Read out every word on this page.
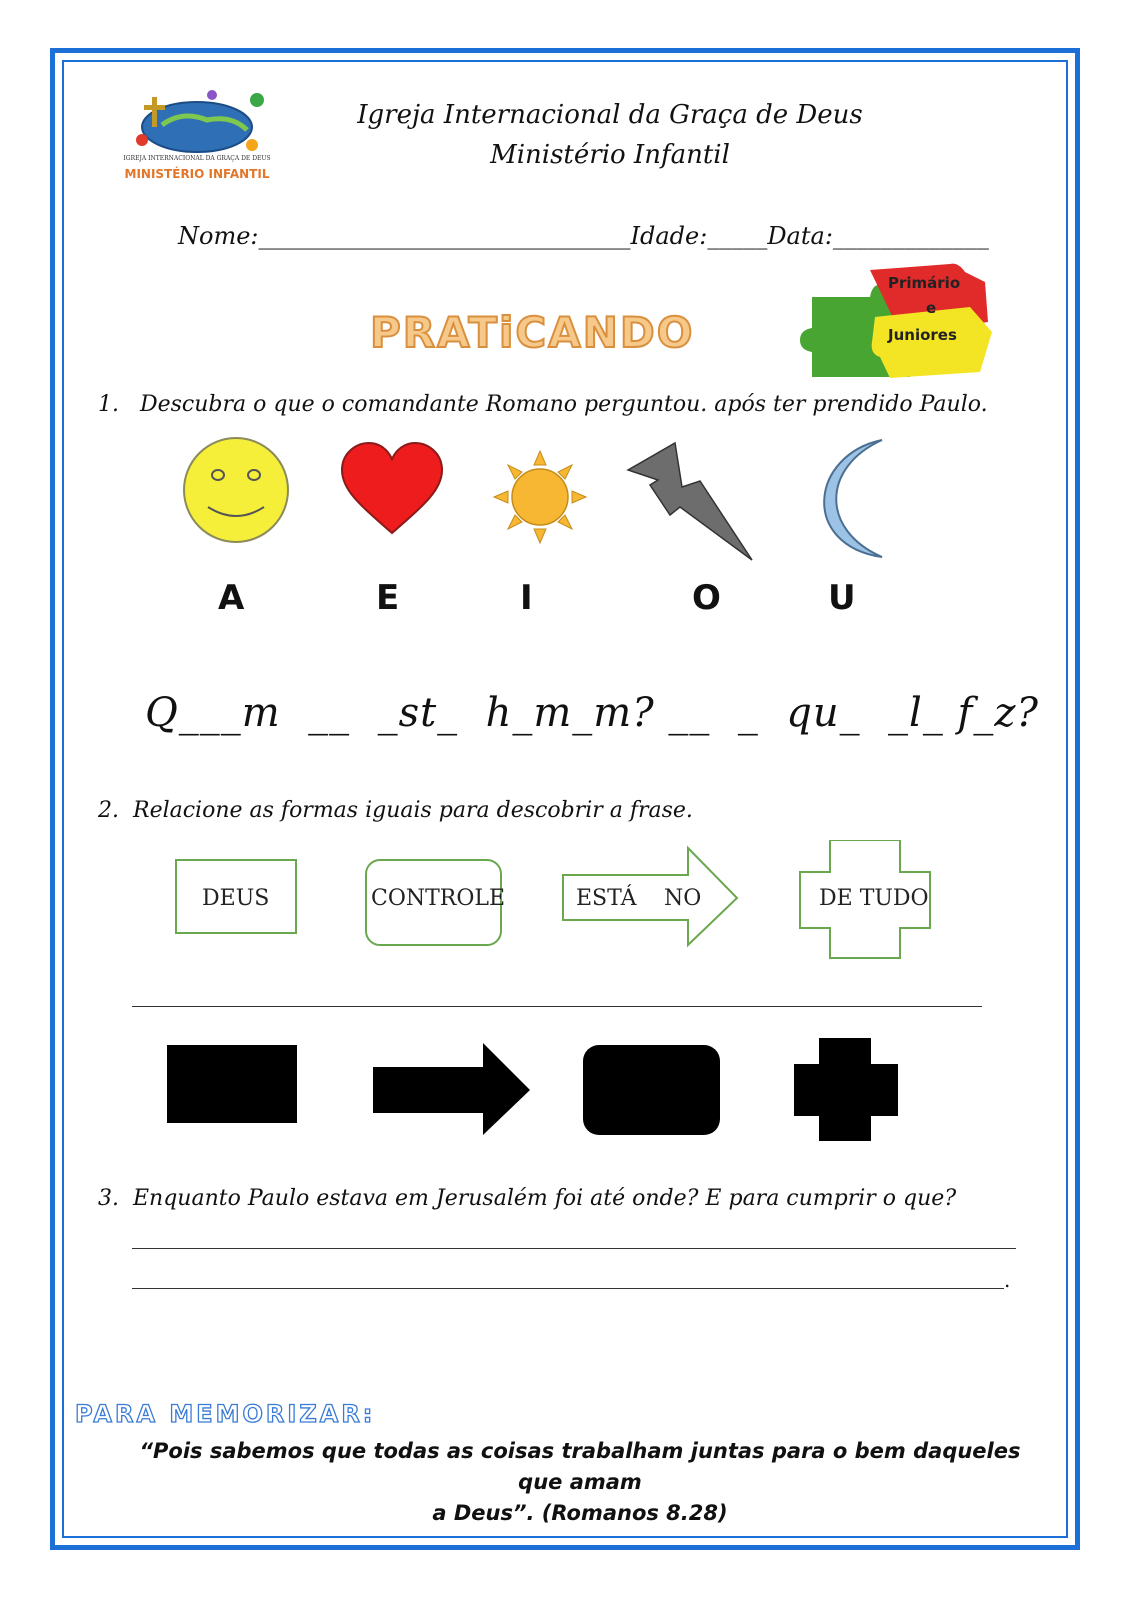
IGREJA INTERNACIONAL DA GRAÇA DE DEUS
MINISTÉRIO INFANTIL
Igreja Internacional da Graça de Deus
Ministério Infantil
Nome:_______________________________Idade:_____Data:_____________
PRATiCANDO
Primário
e
Juniores
1. Descubra o que o comandante Romano perguntou. após ter prendido Paulo.
A	E	I	O	U
Q___m  __  _st_  h_m_m? __  _  qu_  _l_ f_z?
2. Relacione as formas iguais para descobrir a frase.
DEUS	CONTROLE	ESTÁ NO	DE TUDO
3. Enquanto Paulo estava em Jerusalém foi até onde? E para cumprir o que?
.
PARA MEMORIZAR:
“Pois sabemos que todas as coisas trabalham juntas para o bem daqueles que amam
a Deus”. (Romanos 8.28)
